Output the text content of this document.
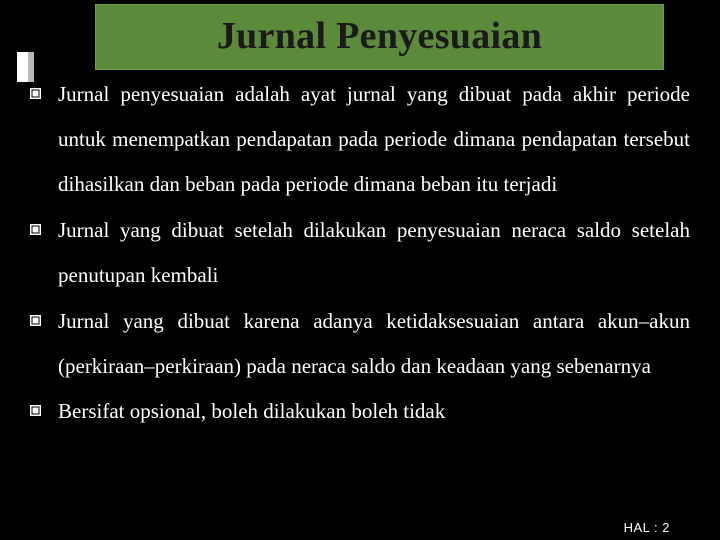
Jurnal Penyesuaian
Jurnal penyesuaian adalah ayat jurnal yang dibuat pada akhir periode untuk menempatkan pendapatan pada periode dimana pendapatan tersebut dihasilkan dan beban pada periode dimana beban itu terjadi
Jurnal yang dibuat setelah dilakukan penyesuaian neraca saldo setelah penutupan kembali
Jurnal yang dibuat karena adanya ketidaksesuaian antara akun–akun (perkiraan–perkiraan) pada neraca saldo dan keadaan yang sebenarnya
Bersifat opsional, boleh dilakukan boleh tidak
HAL : 2
